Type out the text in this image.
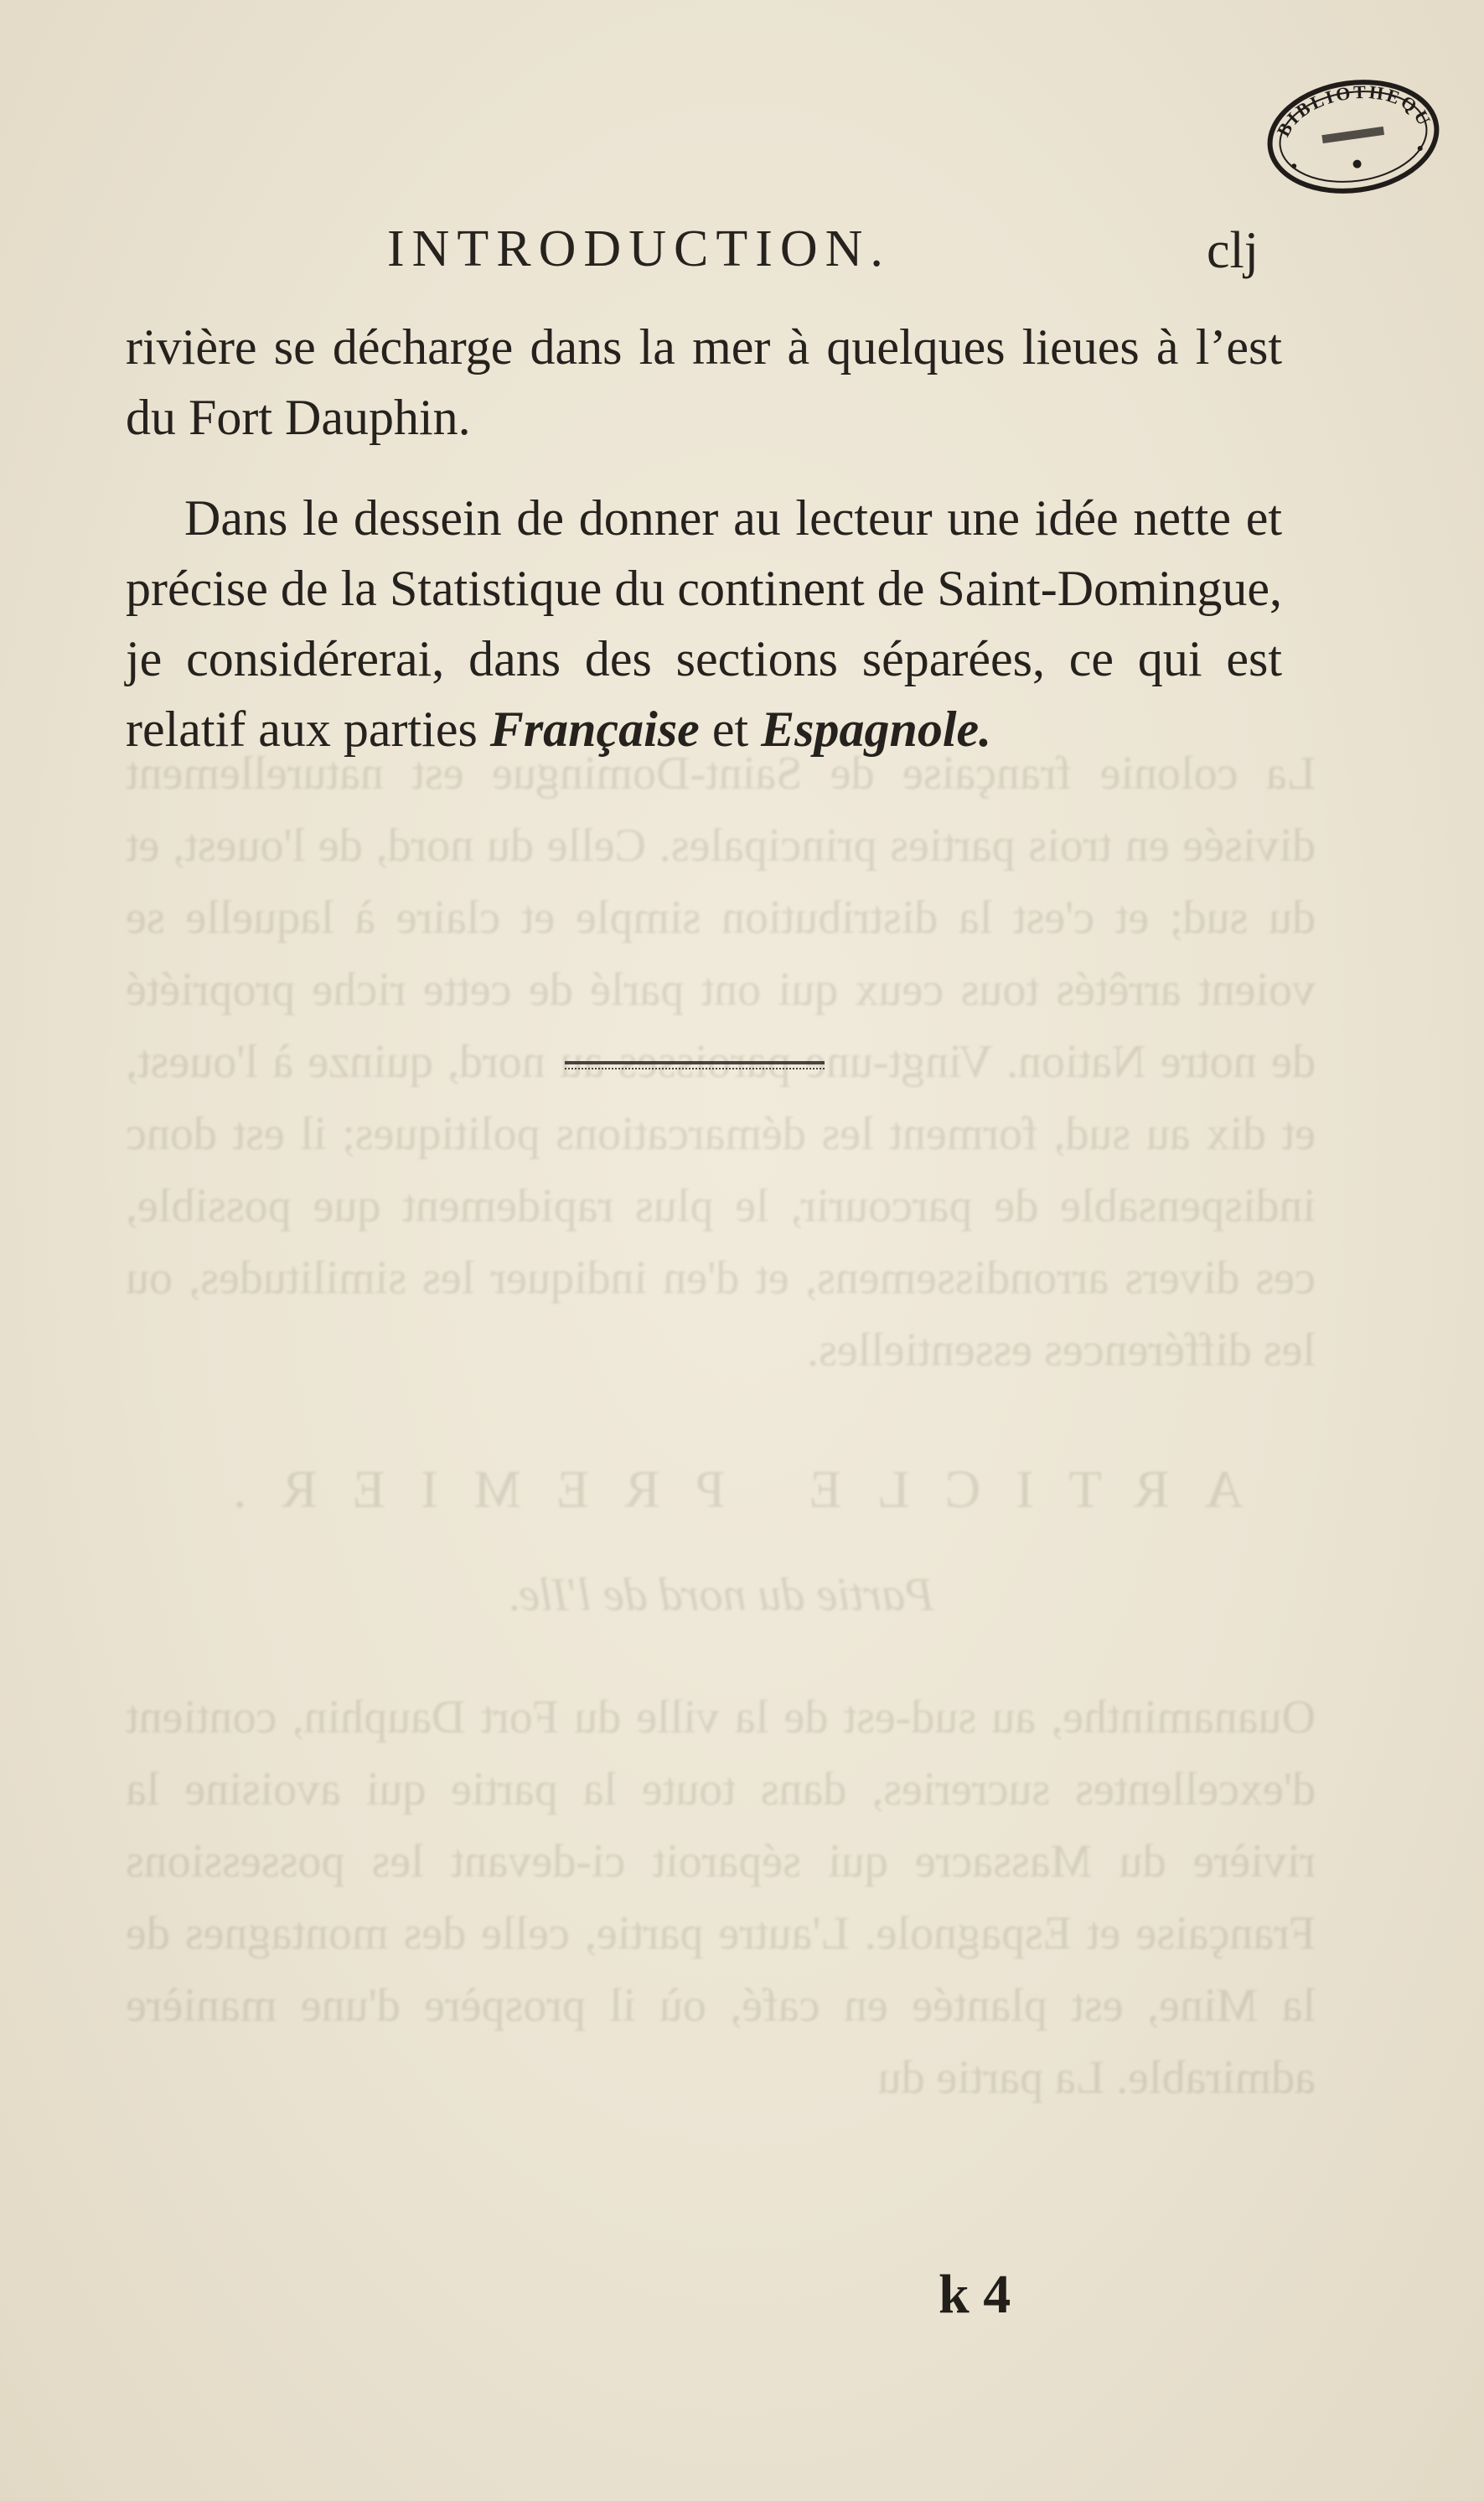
La colonie française de Saint-Domingue est naturellement divisée en trois parties principales. Celle du nord, de l'ouest, et du sud; et c'est la distribution simple et claire à laquelle se voient arrêtés tous ceux qui ont parlé de cette riche propriété de notre Nation. Vingt-une paroisses au nord, quinze à l'ouest, et dix au sud, forment les démarcations politiques; il est donc indispensable de parcourir, le plus rapidement que possible, ces divers arrondissemens, et d'en indiquer les similitudes, ou les différences essentielles.
ARTICLE PREMIER.
Partie du nord de l'Ile.
Ouanaminthe, au sud-est de la ville du Fort Dauphin, contient d'excellentes sucreries, dans toute la partie qui avoisine la rivière du Massacre qui séparoit ci-devant les possessions Française et Espagnole. L'autre partie, celle des montagnes de la Mine, est plantée en café, où il prospère d'une manière admirable. La partie du
BIBLIOTHEQUE
INTRODUCTION.	clj

rivière se décharge dans la mer à quelques lieues à l’est du Fort Dauphin.

Dans le dessein de donner au lecteur une idée nette et précise de la Statistique du continent de Saint-Domingue, je considérerai, dans des sections séparées, ce qui est relatif aux parties Française et Espagnole.

k 4
